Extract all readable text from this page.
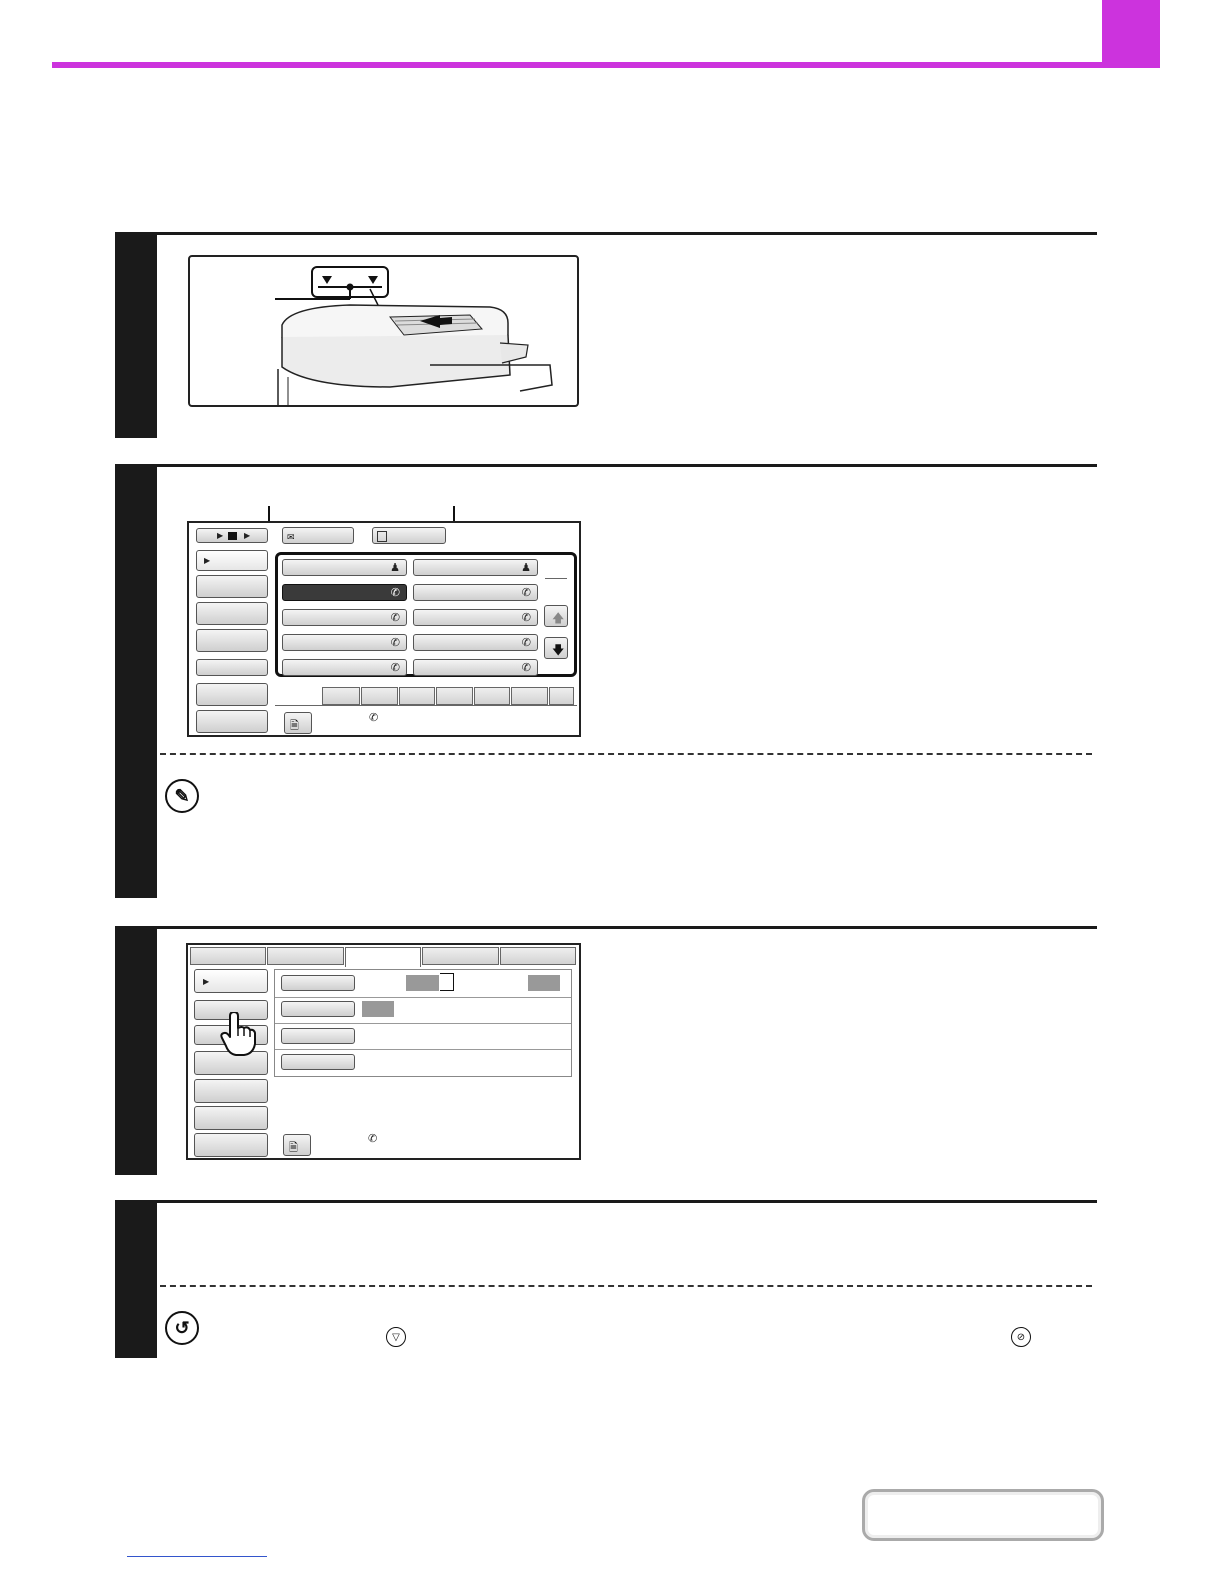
▶	▶	✉
▶
♟
✆
✆
✆
✆
♟
✆
✆
✆
✆
🡅
🡇
🗎
✆
✎
▶
🗎
✆
↺	▽	⊘
